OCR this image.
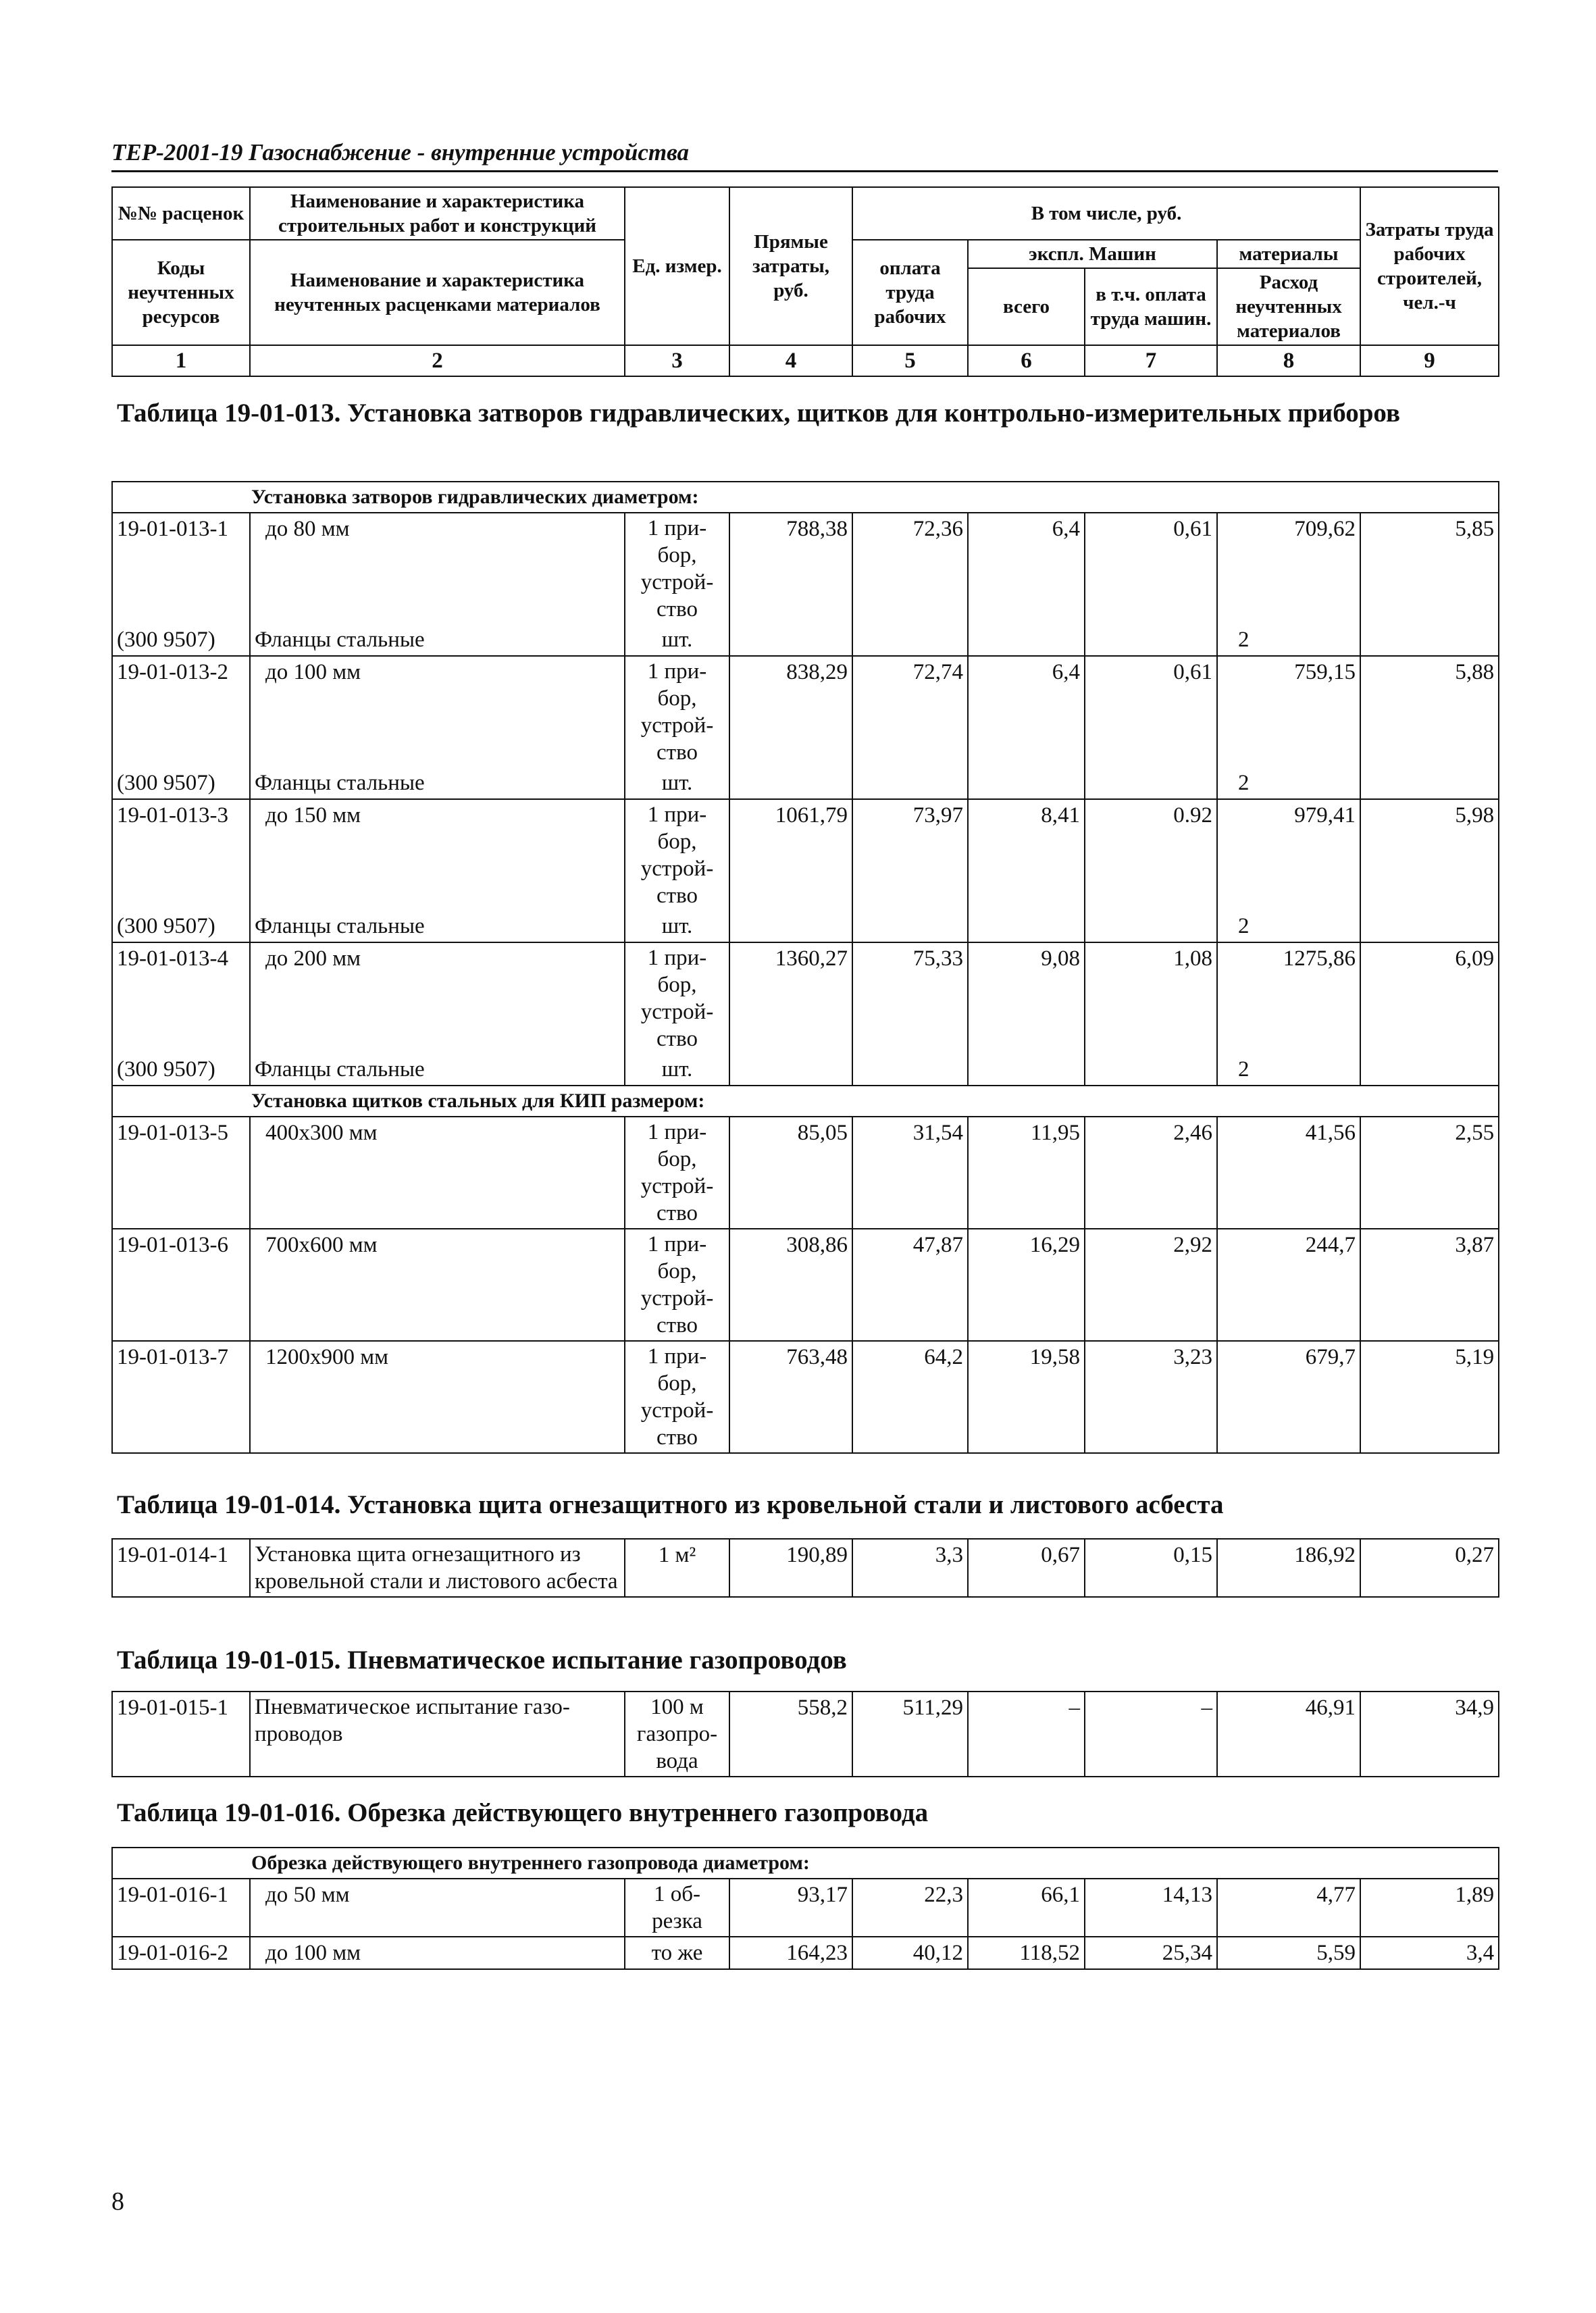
ТЕР-2001-19 Газоснабжение - внутренние устройства
№№ расценок	Наименование и характеристика строительных работ и конструкций	Ед. измер.	Прямые затраты, руб.	В том числе, руб.				Затраты труда рабочих строителей, чел.-ч
Коды неучтенных ресурсов	Наименование и характеристика неучтенных расценками материалов			оплата труда рабочих	экспл. Машин		материалы	
					всего	в т.ч. оплата труда машин.	Расход неучтенных материалов	
1	2	3	4	5	6	7	8	9
Таблица 19-01-013. Установка затворов гидравлических, щитков для контрольно-измерительных приборов
Установка затворов гидравлических диаметром:								
19-01-013-1	до 80 мм	1 при-бор, устрой-ство	788,38	72,36	6,4	0,61	709,62	5,85
(300 9507)	Фланцы стальные	шт.					2	
19-01-013-2	до 100 мм	1 при-бор, устрой-ство	838,29	72,74	6,4	0,61	759,15	5,88
(300 9507)	Фланцы стальные	шт.					2	
19-01-013-3	до 150 мм	1 при-бор, устрой-ство	1061,79	73,97	8,41	0.92	979,41	5,98
(300 9507)	Фланцы стальные	шт.					2	
19-01-013-4	до 200 мм	1 при-бор, устрой-ство	1360,27	75,33	9,08	1,08	1275,86	6,09
(300 9507)	Фланцы стальные	шт.					2	
Установка щитков стальных для КИП размером:								
19-01-013-5	400x300 мм	1 при-бор, устрой-ство	85,05	31,54	11,95	2,46	41,56	2,55
19-01-013-6	700x600 мм	1 при-бор, устрой-ство	308,86	47,87	16,29	2,92	244,7	3,87
19-01-013-7	1200x900 мм	1 при-бор, устрой-ство	763,48	64,2	19,58	3,23	679,7	5,19
Таблица 19-01-014. Установка щита огнезащитного из кровельной стали и листового асбеста
19-01-014-1	Установка щита огнезащитного из кровельной стали и листового асбеста	1 м²	190,89	3,3	0,67	0,15	186,92	0,27
Таблица 19-01-015. Пневматическое испытание газопроводов
19-01-015-1	Пневматическое испытание газо-проводов	100 м газопро-вода	558,2	511,29	–	–	46,91	34,9
Таблица 19-01-016. Обрезка действующего внутреннего газопровода
Обрезка действующего внутреннего газопровода диаметром:								
19-01-016-1	до 50 мм	1 об-резка	93,17	22,3	66,1	14,13	4,77	1,89
19-01-016-2	до 100 мм	то же	164,23	40,12	118,52	25,34	5,59	3,4
8
